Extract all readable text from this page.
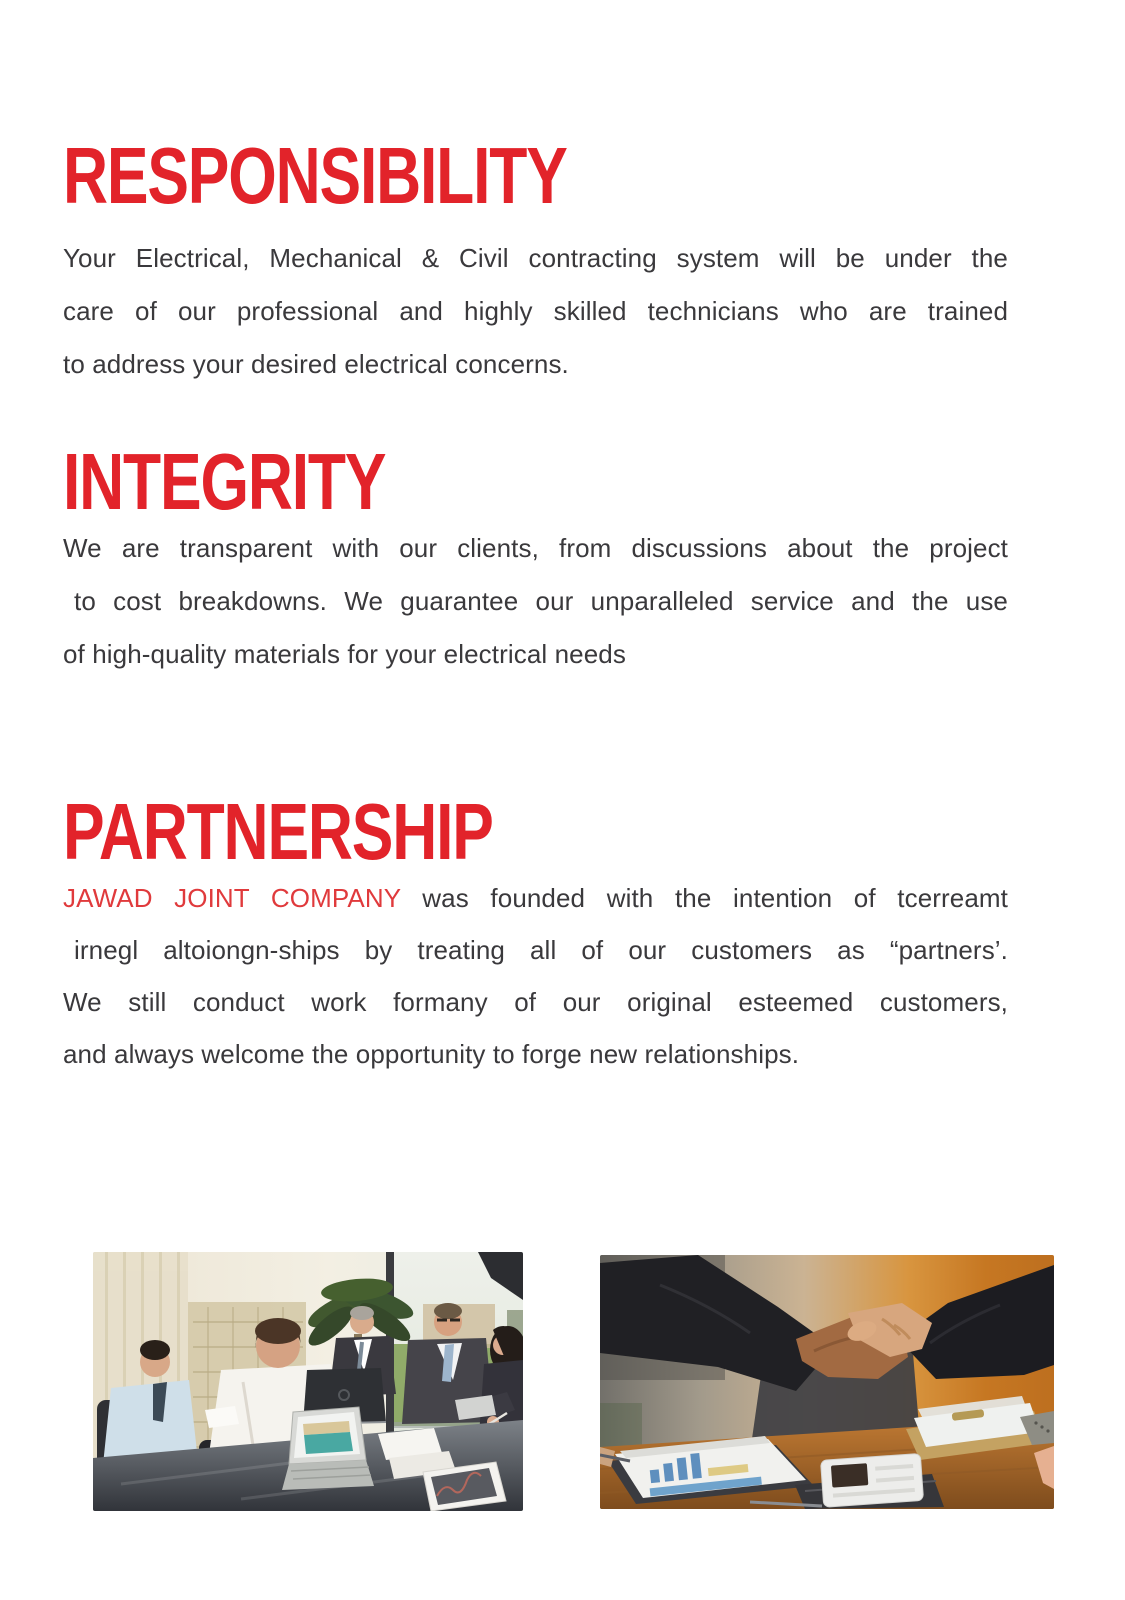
RESPONSIBILITY
Your Electrical, Mechanical & Civil contracting system will be under the
care of our professional and highly skilled technicians who are trained
to address your desired electrical concerns.
INTEGRITY
We are transparent with our clients, from discussions about the project
to cost breakdowns. We guarantee our unparalleled service and the use
of high-quality materials for your electrical needs
PARTNERSHIP
JAWAD JOINT COMPANY was founded with the intention of tcerreamt
irnegl altoiongn-ships by treating all of our customers as “partners’.
We still conduct work formany of our original esteemed customers,
and always welcome the opportunity to forge new relationships.
